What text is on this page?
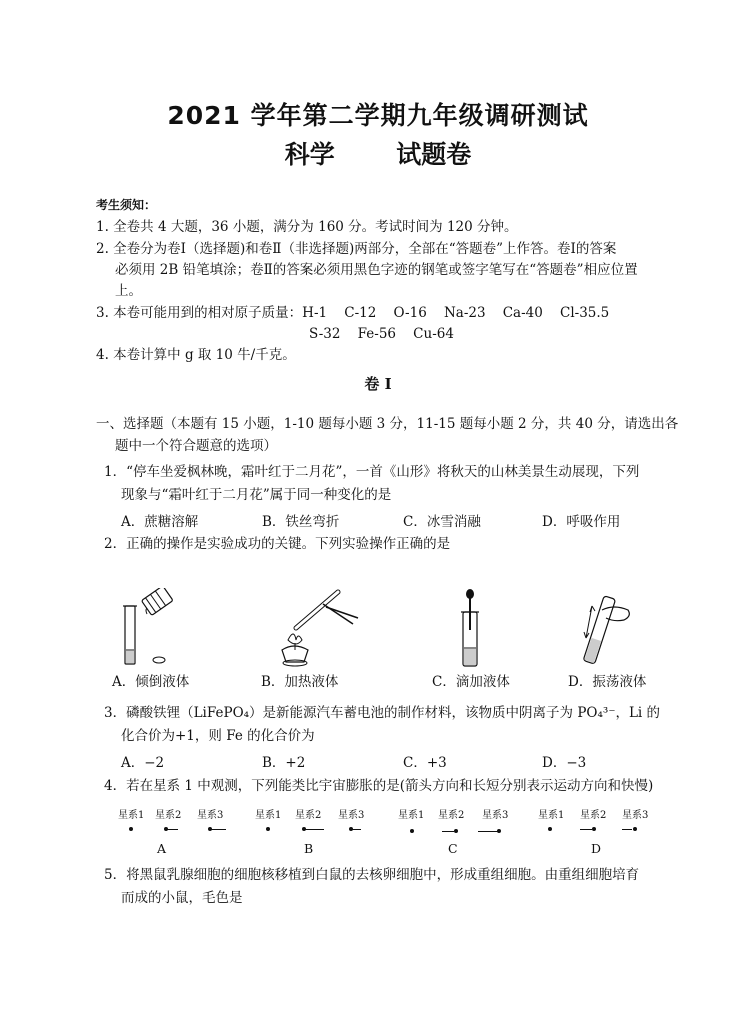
2021 学年第二学期九年级调研测试
科学  试题卷
考生须知：
1. 全卷共 4 大题，36 小题，满分为 160 分。考试时间为 120 分钟。
2. 全卷分为卷Ⅰ（选择题)和卷Ⅱ（非选择题)两部分，全部在“答题卷”上作答。卷Ⅰ的答案
必须用 2B 铅笔填涂；卷Ⅱ的答案必须用黑色字迹的钢笔或签字笔写在“答题卷”相应位置
上。
3. 本卷可能用到的相对原子质量：H-1    C-12    O-16    Na-23    Ca-40    Cl-35.5
S-32    Fe-56    Cu-64
4. 本卷计算中 g 取 10 牛/千克。
卷 I
一、选择题（本题有 15 小题，1-10 题每小题 3 分，11-15 题每小题 2 分，共 40 分，请选出各
题中一个符合题意的选项）
1．“停车坐爱枫林晚，霜叶红于二月花”，一首《山形》将秋天的山林美景生动展现，下列
现象与“霜叶红于二月花”属于同一种变化的是
A．蔗糖溶解	B．铁丝弯折	C．冰雪消融	D．呼吸作用
2．正确的操作是实验成功的关键。下列实验操作正确的是
A．倾倒液体	B．加热液体	C．滴加液体	D．振荡液体
3．磷酸铁锂（LiFePO₄）是新能源汽车蓄电池的制作材料，该物质中阴离子为 PO₄³⁻，Li 的
化合价为+1，则 Fe 的化合价为
A．−2	B．+2	C．+3	D．−3
4．若在星系 1 中观测，下列能类比宇宙膨胀的是(箭头方向和长短分别表示运动方向和快慢)
星系1 星系2 星系3	星系1 星系2 星系3	星系1 星系2 星系3	星系1 星系2 星系3
A	B	C	D
5．将黑鼠乳腺细胞的细胞核移植到白鼠的去核卵细胞中，形成重组细胞。由重组细胞培育
而成的小鼠，毛色是
